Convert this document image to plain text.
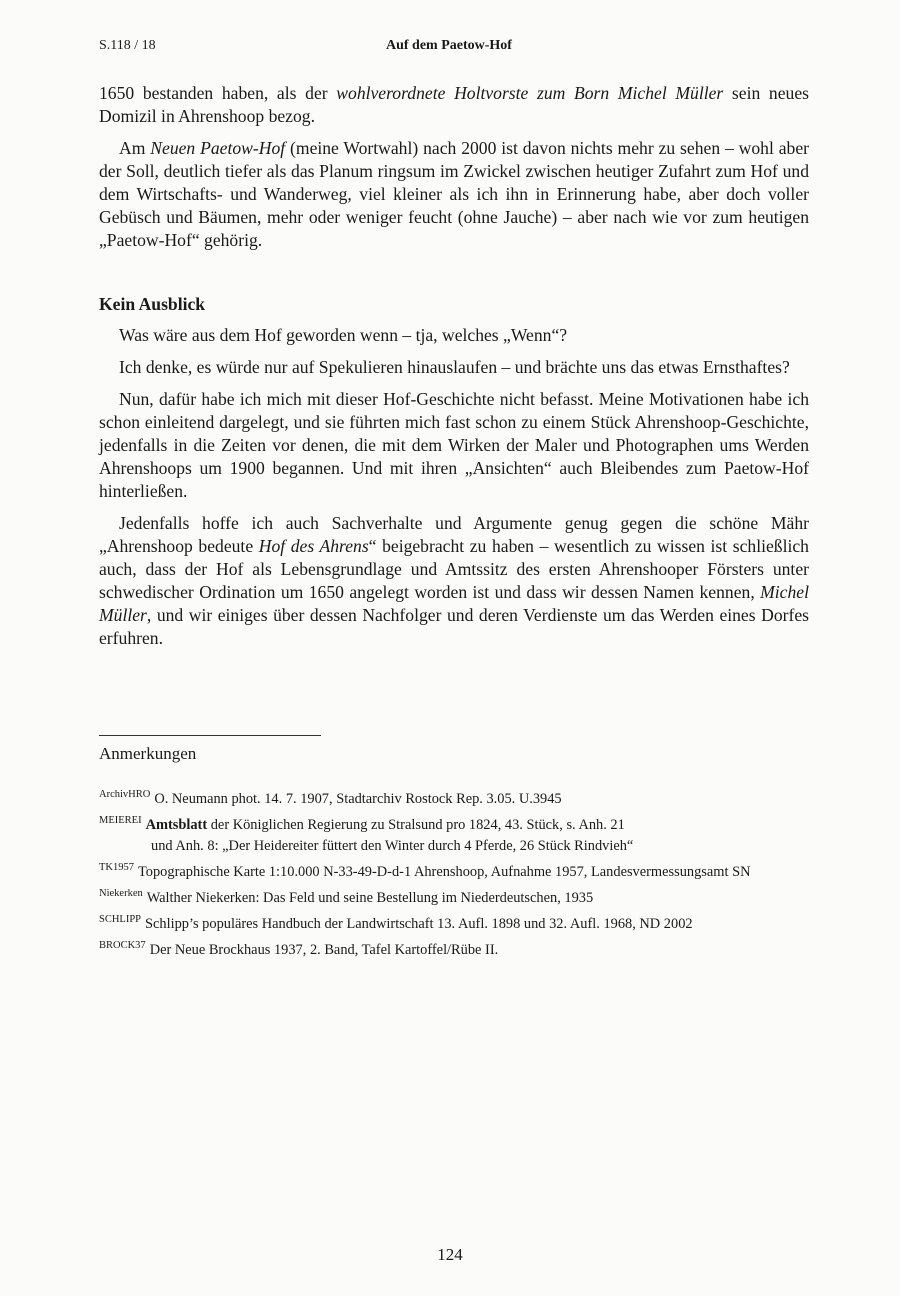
S.118 / 18	Auf dem Paetow-Hof

1650 bestanden haben, als der wohlverordnete Holtvorste zum Born Michel Müller sein neues Domizil in Ahrenshoop bezog.

Am Neuen Paetow-Hof (meine Wortwahl) nach 2000 ist davon nichts mehr zu sehen – wohl aber der Soll, deutlich tiefer als das Planum ringsum im Zwickel zwischen heutiger Zufahrt zum Hof und dem Wirtschafts- und Wanderweg, viel kleiner als ich ihn in Erinnerung habe, aber doch voller Gebüsch und Bäumen, mehr oder weniger feucht (ohne Jauche) – aber nach wie vor zum heutigen „Paetow-Hof“ gehörig.

Kein Ausblick

Was wäre aus dem Hof geworden wenn – tja, welches „Wenn“?

Ich denke, es würde nur auf Spekulieren hinauslaufen – und brächte uns das etwas Ernsthaftes?

Nun, dafür habe ich mich mit dieser Hof-Geschichte nicht befasst. Meine Motivationen habe ich schon einleitend dargelegt, und sie führten mich fast schon zu einem Stück Ahrenshoop-Geschichte, jedenfalls in die Zeiten vor denen, die mit dem Wirken der Maler und Photographen ums Werden Ahrenshoops um 1900 begannen. Und mit ihren „Ansichten“ auch Bleibendes zum Paetow-Hof hinterließen.

Jedenfalls hoffe ich auch Sachverhalte und Argumente genug gegen die schöne Mähr „Ahrenshoop bedeute Hof des Ahrens“ beigebracht zu haben – wesentlich zu wissen ist schließlich auch, dass der Hof als Lebensgrundlage und Amtssitz des ersten Ahrenshooper Försters unter schwedischer Ordination um 1650 angelegt worden ist und dass wir dessen Namen kennen, Michel Müller, und wir einiges über dessen Nachfolger und deren Verdienste um das Werden eines Dorfes erfuhren.

Anmerkungen
$^{ArchivHRO}$ O. Neumann phot. 14. 7. 1907, Stadtarchiv Rostock Rep. 3.05. U.3945
$^{MEIEREI}$ Amtsblatt der Königlichen Regierung zu Stralsund pro 1824, 43. Stück, s. Anh. 21
und Anh. 8: „Der Heidereiter füttert den Winter durch 4 Pferde, 26 Stück Rindvieh“
$^{TK1957}$ Topographische Karte 1:10.000 N-33-49-D-d-1 Ahrenshoop, Aufnahme 1957, Landesvermessungsamt SN
$^{Niekerken}$ Walther Niekerken: Das Feld und seine Bestellung im Niederdeutschen, 1935
$^{SCHLIPP}$ Schlipp’s populäres Handbuch der Landwirtschaft 13. Aufl. 1898 und 32. Aufl. 1968, ND 2002
$^{BROCK37}$ Der Neue Brockhaus 1937, 2. Band, Tafel Kartoffel/Rübe II.
124
